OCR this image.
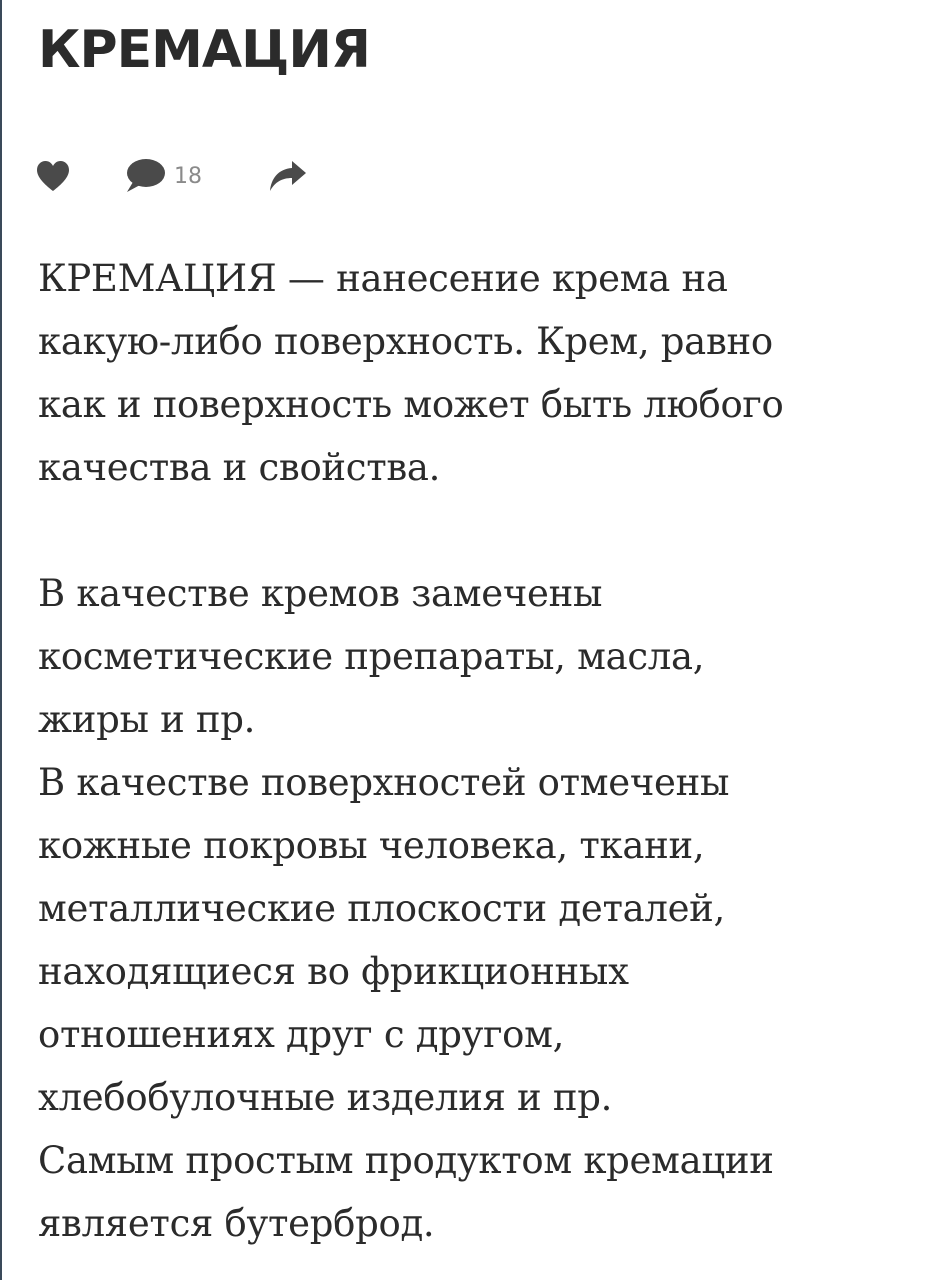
КРЕМАЦИЯ
18
КРЕМАЦИЯ — нанесение крема на
какую-либо поверхность. Крем, равно
как и поверхность может быть любого
качества и свойства.
В качестве кремов замечены
косметические препараты, масла,
жиры и пр.
В качестве поверхностей отмечены
кожные покровы человека, ткани,
металлические плоскости деталей,
находящиеся во фрикционных
отношениях друг с другом,
хлебобулочные изделия и пр.
Самым простым продуктом кремации
является бутерброд.
